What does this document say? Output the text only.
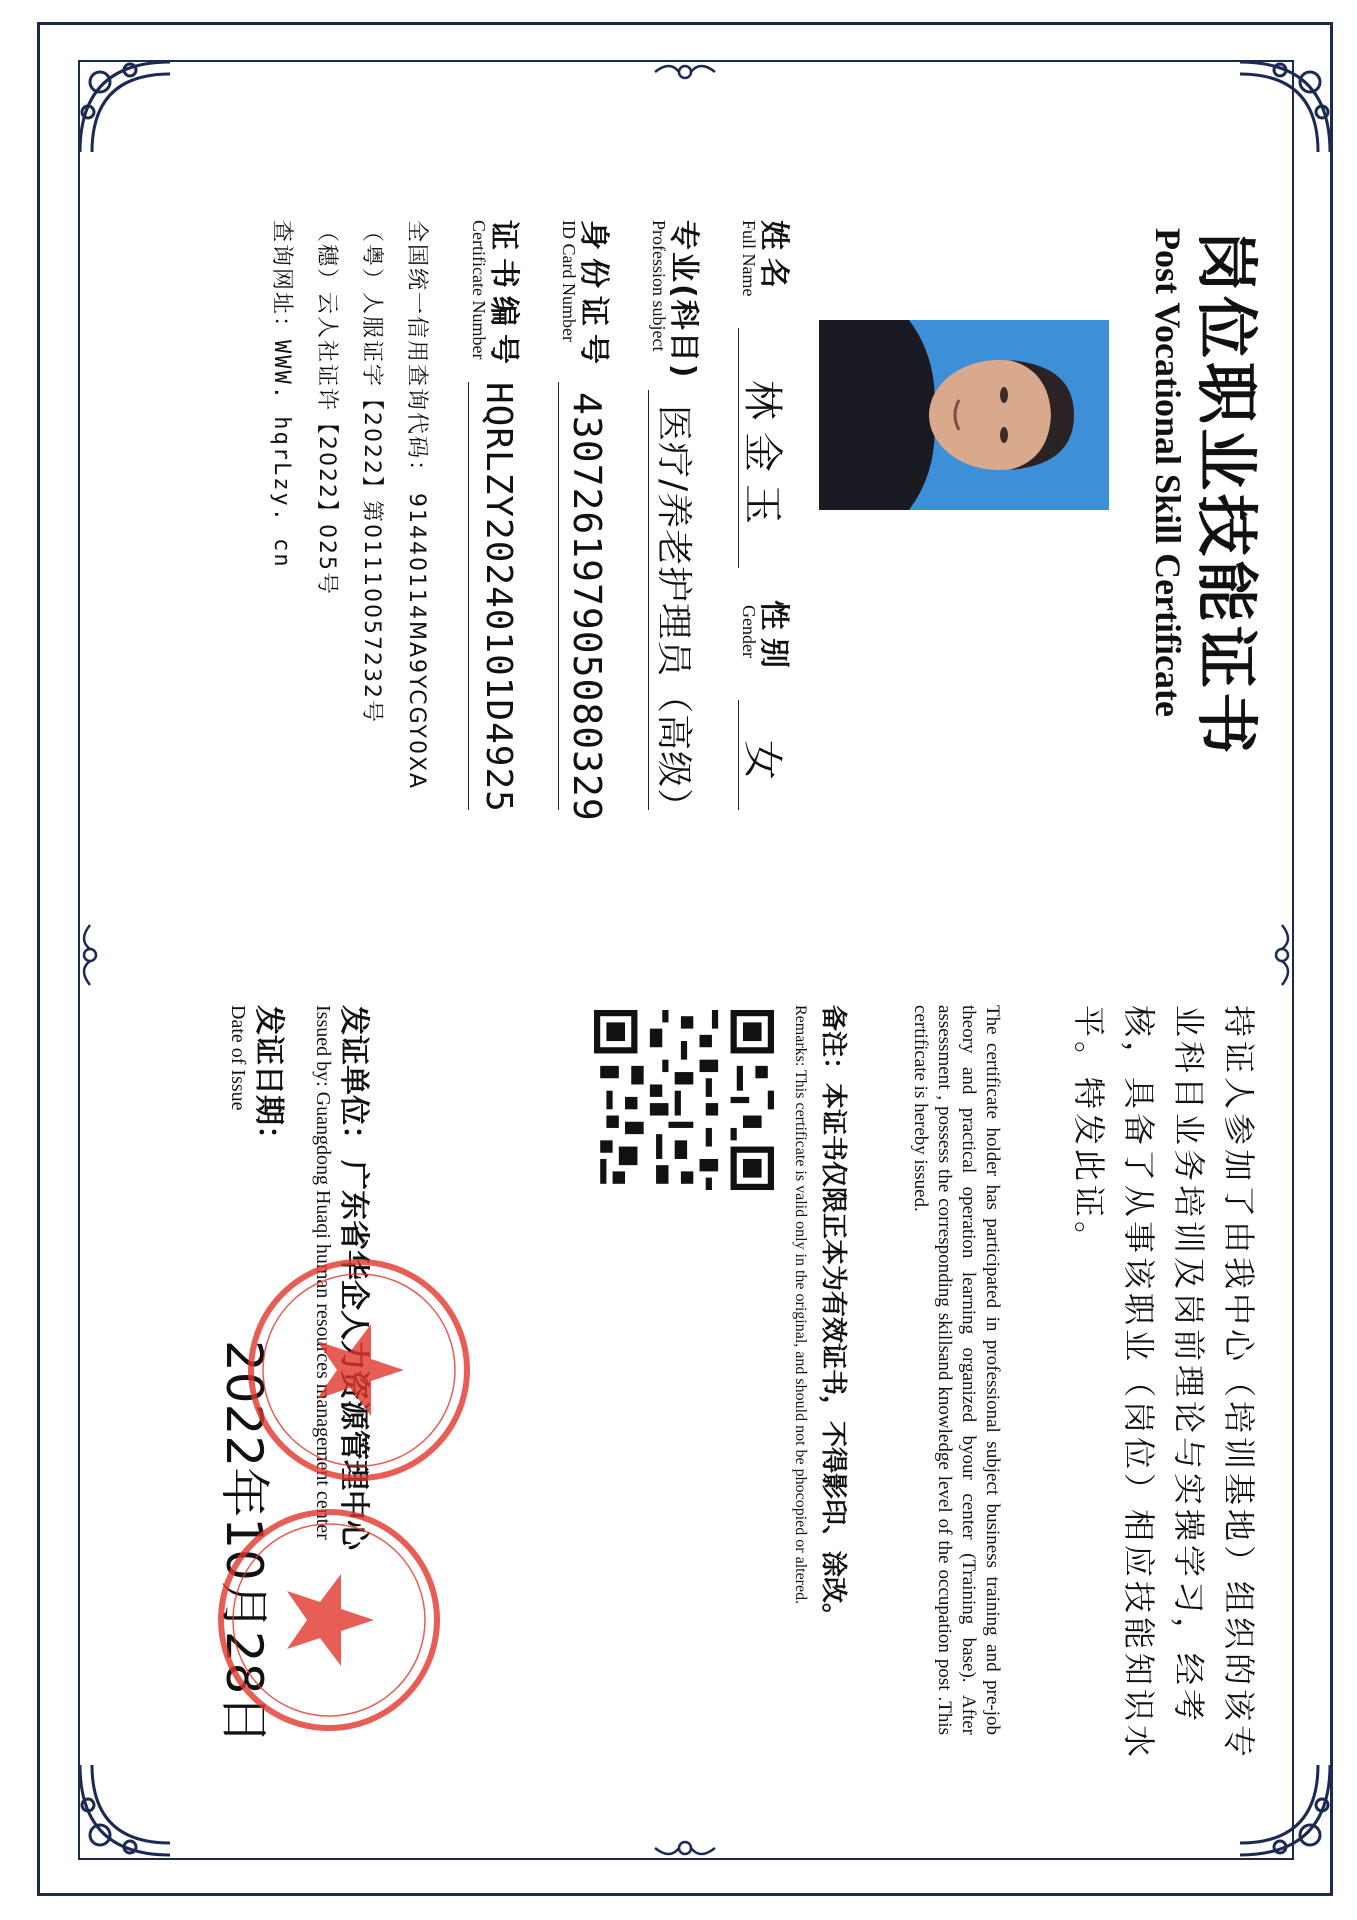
岗位职业技能证书
Post Vocational Skill Certificate
姓名
Full Name
林金玉
性别
Gender
女
专业(科目)
Profession subject
医疗/养老护理员（高级）
身份证号
ID Card Number
430726197905080329
证书编号
Certificate Number
HQRLZY20240101D4925
全国统一信用查询代码： 91440114MA9YCGY0XA
（粤）人服证字【2022】第01110057232号
（穗）云人社证许【2022】025号
查询网址：WWW. hqrLzy. cn
持证人参加了由我中心（培训基地）组织的该专业科目业务培训及岗前理论与实操学习，经考核，具备了从事该职业（岗位）相应技能知识水平。特发此证。
The certificate holder has participated in professional subject business training and pre-job theory and practical operation learning organized byour center (Training base). After assessment , possess the corresponding skillsand knowledge level of the occupation post .This certificate is hereby issued.
备注：本证书仅限正本为有效证书，不得影印、涂改。
Remarks: This certificate is valid only in the original, and should not be phocopied or altered.
发证单位：
Issued by: Guangdong Huaqi human resources management center
发证日期：
Date of Issue
2022年10月28日
